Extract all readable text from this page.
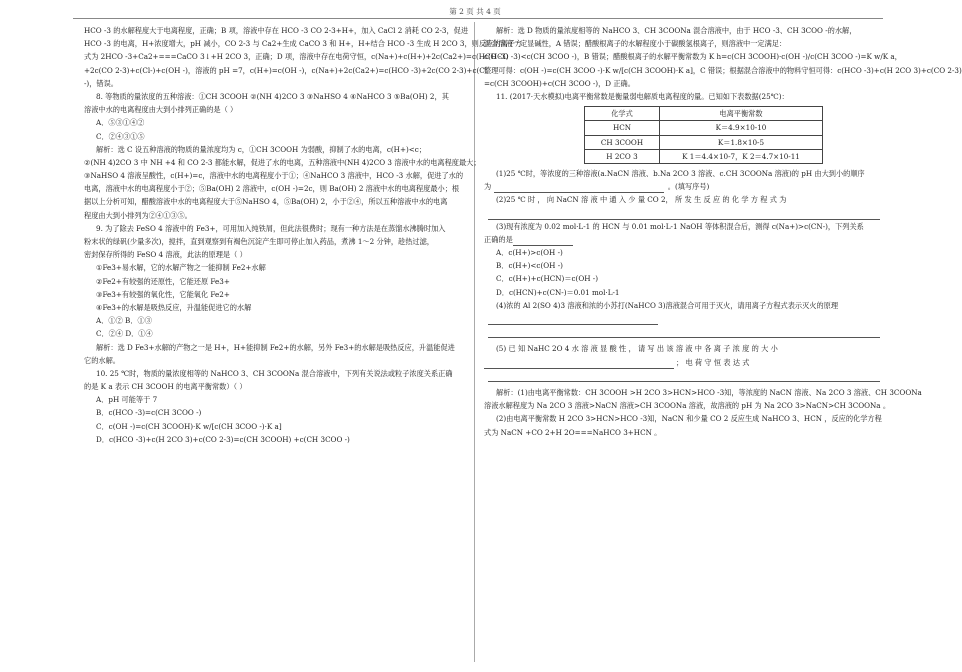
第 2 页 共 4 页
HCO -3 的水解程度大于电离程度，正确；B 项，溶液中存在 HCO -3 CO 2-3+H+，加入 CaCl 2 消耗 CO 2-3，促进
HCO -3 的电离，H+浓度增大，pH 减小，CO 2-3 与 Ca2+生成 CaCO 3 和 H+，H+结合 HCO -3 生成 H 2CO 3，则反应的离子方
式为 2HCO -3+Ca2+===CaCO 3↓+H 2CO 3，正确；D 项，溶液中存在电荷守恒，c(Na+)+c(H+)+2c(Ca2+)=c(HCO -3)
+2c(CO 2-3)+c(Cl-)+c(OH -)，溶液的 pH =7，c(H+)=c(OH -)，c(Na+)+2c(Ca2+)=c(HCO -3)+2c(CO 2-3)+c(Cl
-)，错误。
8. 等物质的量浓度的五种溶液：①CH 3COOH ②(NH 4)2CO 3 ③NaHSO 4 ④NaHCO 3 ⑤Ba(OH) 2，其
溶液中水的电离程度由大到小排列正确的是（ ）
A．⑤③①④②
C．②④③①⑤
解析：选 C 设五种溶液的物质的量浓度均为 c，①CH 3COOH 为弱酸，抑制了水的电离，c(H+)<c；
②(NH 4)2CO 3 中 NH +4 和 CO 2-3 都能水解，促进了水的电离，五种溶液中(NH 4)2CO 3 溶液中水的电离程度最大；
③NaHSO 4 溶液呈酸性，c(H+)=c，溶液中水的电离程度小于①；④NaHCO 3 溶液中，HCO -3 水解，促进了水的
电离，溶液中水的电离程度小于②；⑤Ba(OH) 2 溶液中，c(OH -)=2c，则 Ba(OH) 2 溶液中水的电离程度最小；根
据以上分析可知，醋酸溶液中水的电离程度大于⑤NaHSO 4，⑤Ba(OH) 2，小于②④，所以五种溶液中水的电离
程度由大到小排列为②④①③⑤。
9. 为了除去 FeSO 4 溶液中的 Fe3+，可用加入纯铁屑，但此法很费时；现有一种方法是在蒸馏水沸腾时加入
粉末状的绿矾(少量多次)，搅拌，直到观察到有褐色沉淀产生即可停止加入药品，煮沸 1～2 分钟，趁热过滤，
密封保存所得的 FeSO 4 溶液，此法的原理是（ ）
①Fe3+易水解，它的水解产物之一能抑制 Fe2+水解
②Fe2+有较强的还原性，它能还原 Fe3+
③Fe3+有较强的氧化性，它能氧化 Fe2+
④Fe3+的水解是吸热反应，升温能促进它的水解
A．①② B．①③
C．②④ D．①④
解析：选 D Fe3+水解的产物之一是 H+，H+能抑制 Fe2+的水解，另外 Fe3+的水解是吸热反应，升温能促进
它的水解。
10. 25 ℃时，物质的量浓度相等的 NaHCO 3、CH 3COONa 混合溶液中，下列有关说法或粒子浓度关系正确
的是 K a 表示 CH 3COOH 的电离平衡常数）（ ）
A．pH 可能等于 7
B．c(HCO -3)=c(CH 3COO -)
C．c(OH -)=c(CH 3COOH)·K w/[c(CH 3COO -)·K a]
D．c(HCO -3)+c(H 2CO 3)+c(CO 2-3)=c(CH 3COOH) +c(CH 3COO -)
解析：选 D 物质的量浓度相等的 NaHCO 3、CH 3COONa 混合溶液中，由于 HCO -3、CH 3COO -的水解，
混合溶液一定显碱性，A 错误；醋酸根离子的水解程度小于碳酸氢根离子，则溶液中一定满足：
c(HCO -3)<c(CH 3COO -)，B 错误；醋酸根离子的水解平衡常数为 K h=c(CH 3COOH)·c(OH -)/c(CH 3COO -)=K w/K a，
整理可得：c(OH -)=c(CH 3COO -)·K w/[c(CH 3COOH)·K a]，C 错误；根据混合溶液中的物料守恒可得：c(HCO -3)+c(H 2CO 3)+c(CO 2-3)
=c(CH 3COOH)+c(CH 3COO -)，D 正确。
11. (2017·天水模拟)电离平衡常数是衡量弱电解质电离程度的量。已知如下表数据(25℃)：
化学式	电离平衡常数
HCN	K＝4.9×10-10
CH 3COOH	K＝1.8×10-5
H 2CO 3	K 1＝4.4×10-7，K 2＝4.7×10-11
(1)25 ℃时，等浓度的三种溶液(a.NaCN 溶液、b.Na 2CO 3 溶液、c.CH 3COONa 溶液)的 pH 由大到小的顺序
为	。(填写序号)
(2)25 ℃ 时 ， 向 NaCN 溶 液 中 通 入 少 量 CO 2， 所 发 生 反 应 的 化 学 方 程 式 为
(3)现有浓度为 0.02 mol·L-1 的 HCN 与 0.01 mol·L-1 NaOH 等体积混合后，测得 c(Na+)>c(CN-)，下列关系
正确的是
A．c(H+)>c(OH -)
B．c(H+)<c(OH -)
C．c(H+)+c(HCN)＝c(OH -)
D．c(HCN)+c(CN-)＝0.01 mol·L-1
(4)浓的 Al 2(SO 4)3 溶液和浓的小苏打(NaHCO 3)溶液混合可用于灭火，请用离子方程式表示灭火的原理
(5) 已 知 NaHC 2O 4 水 溶 液 显 酸 性 ， 请 写 出 该 溶 液 中 各 离 子 浓 度 的 大 小
； 电 荷 守 恒 表 达 式
解析：(1)由电离平衡常数：CH 3COOH >H 2CO 3>HCN>HCO -3知，等浓度的 NaCN 溶液、Na 2CO 3 溶液、CH 3COONa
溶液水解程度为 Na 2CO 3 溶液>NaCN 溶液>CH 3COONa 溶液，故溶液的 pH 为 Na 2CO 3>NaCN>CH 3COONa 。
(2)由电离平衡常数 H 2CO 3>HCN>HCO -3知，NaCN 和少量 CO 2 反应生成 NaHCO 3、HCN ，反应的化学方程
式为 NaCN +CO 2+H 2O===NaHCO 3+HCN 。
